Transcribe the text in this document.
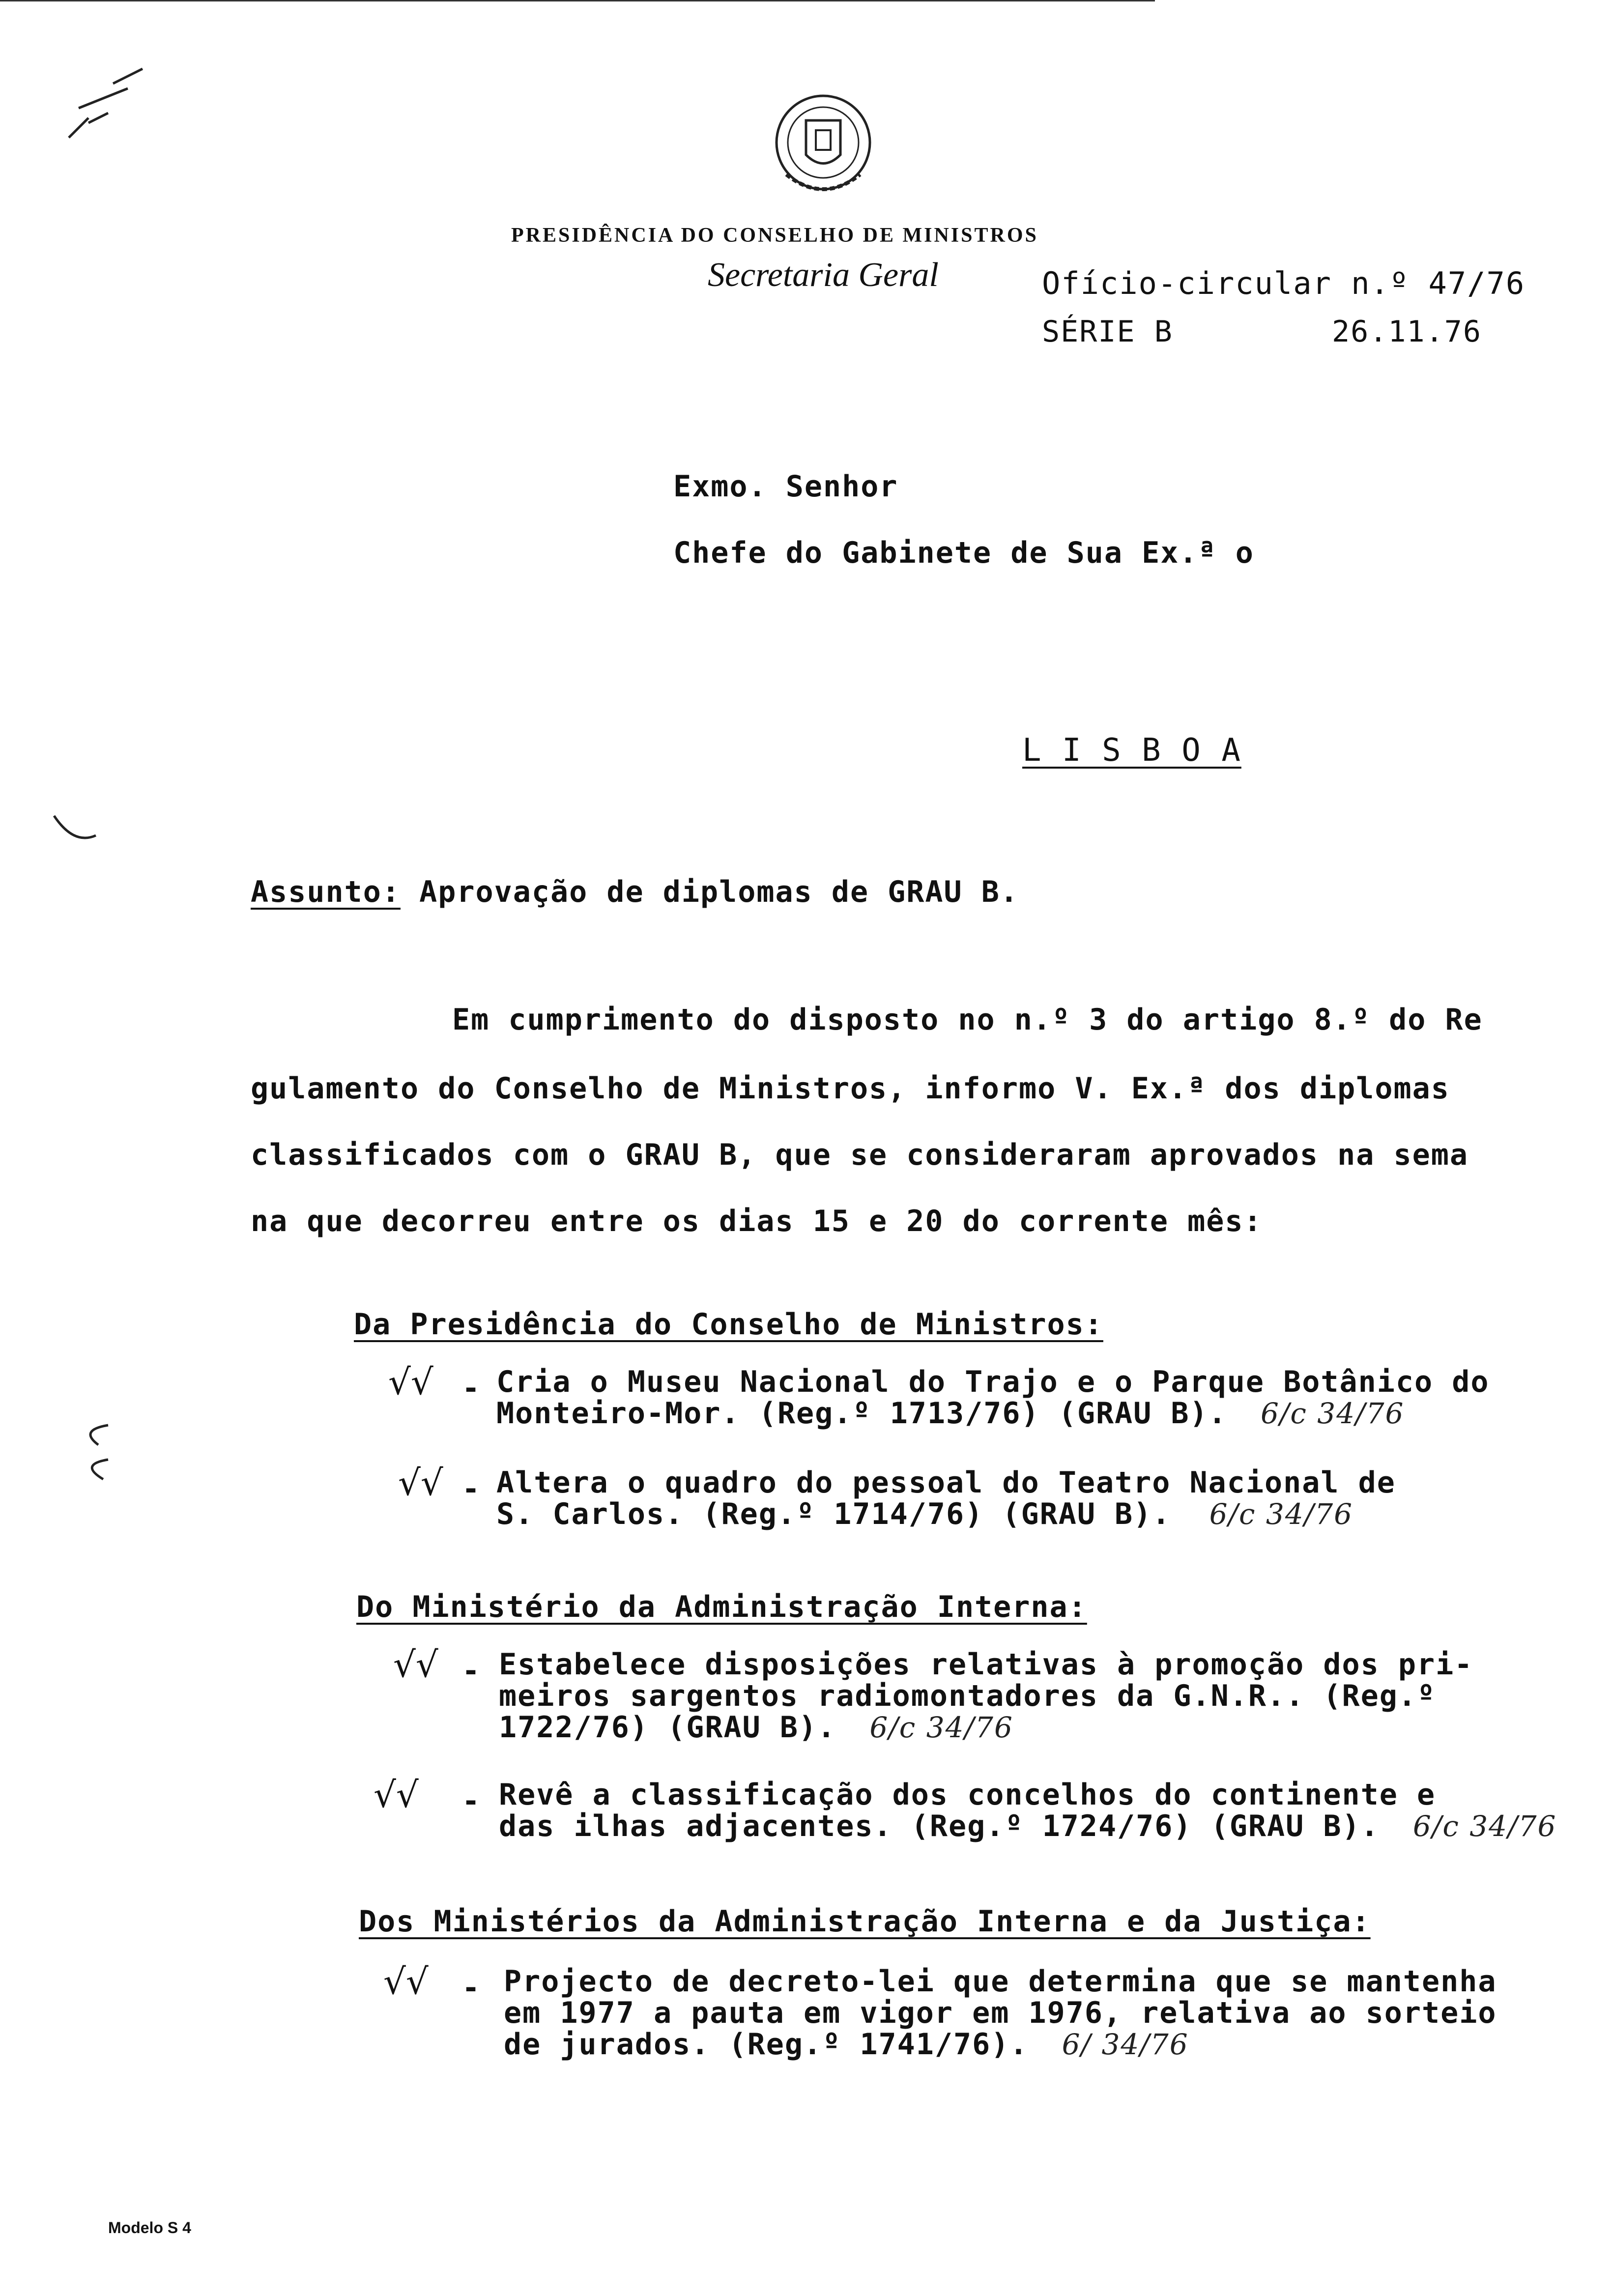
PRESIDÊNCIA DO CONSELHO DE MINISTROS
Secretaria Geral	Ofício-circular n.º 47/76
SÉRIE B	26.11.76
Exmo. Senhor
Chefe do Gabinete de Sua Ex.ª o
L I S B O A
Assunto: Aprovação de diplomas de GRAU B.
Em cumprimento do disposto no n.º 3 do artigo 8.º do Re
gulamento do Conselho de Ministros, informo V. Ex.ª dos diplomas
classificados com o GRAU B, que se consideraram aprovados na sema
na que decorreu entre os dias 15 e 20 do corrente mês:
Da Presidência do Conselho de Ministros:
√√ - Cria o Museu Nacional do Trajo e o Parque Botânico do
Monteiro-Mor. (Reg.º 1713/76) (GRAU B). 6/c 34/76
√√ - Altera o quadro do pessoal do Teatro Nacional de
S. Carlos. (Reg.º 1714/76) (GRAU B). 6/c 34/76
Do Ministério da Administração Interna:
√√ - Estabelece disposições relativas à promoção dos pri-
meiros sargentos radiomontadores da G.N.R.. (Reg.º
1722/76) (GRAU B). 6/c 34/76
√√ - Revê a classificação dos concelhos do continente e
das ilhas adjacentes. (Reg.º 1724/76) (GRAU B). 6/c 34/76
Dos Ministérios da Administração Interna e da Justiça:
√√ - Projecto de decreto-lei que determina que se mantenha
em 1977 a pauta em vigor em 1976, relativa ao sorteio
de jurados. (Reg.º 1741/76). 6/ 34/76
Modelo S 4
